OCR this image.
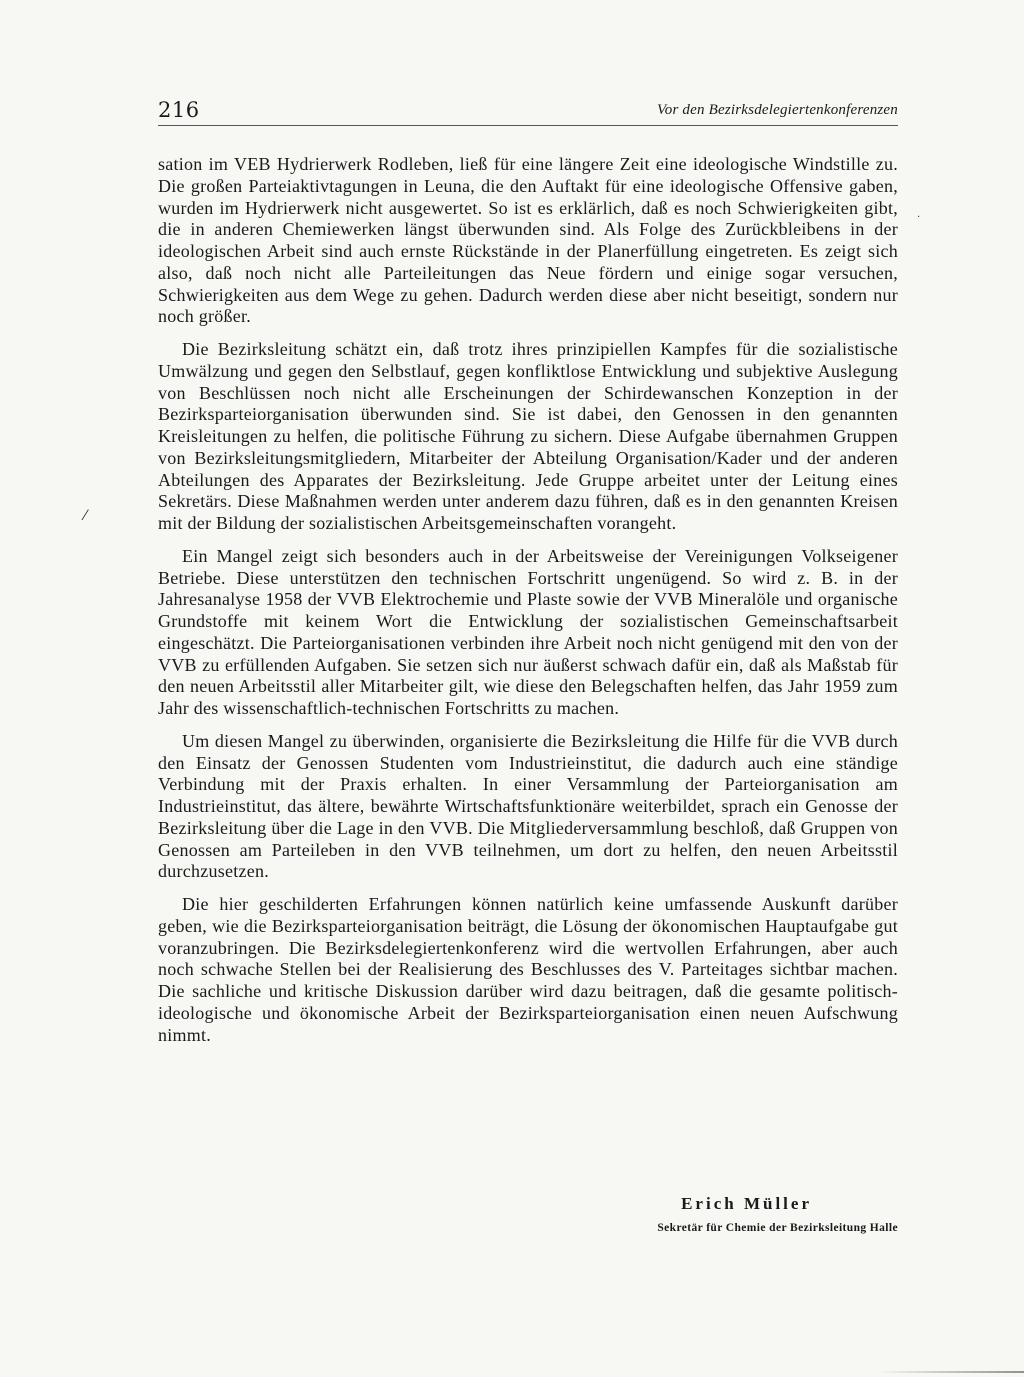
216	Vor den Bezirksdelegiertenkonferenzen

sation im VEB Hydrierwerk Rodleben, ließ für eine längere Zeit eine ideologische Windstille zu. Die großen Parteiaktivtagungen in Leuna, die den Auftakt für eine ideologische Offensive gaben, wurden im Hydrierwerk nicht ausgewertet. So ist es erklärlich, daß es noch Schwierigkeiten gibt, die in anderen Chemiewerken längst überwunden sind. Als Folge des Zurückbleibens in der ideologischen Arbeit sind auch ernste Rückstände in der Planerfüllung eingetreten. Es zeigt sich also, daß noch nicht alle Parteileitungen das Neue fördern und einige sogar versuchen, Schwierigkeiten aus dem Wege zu gehen. Dadurch werden diese aber nicht beseitigt, sondern nur noch größer.

Die Bezirksleitung schätzt ein, daß trotz ihres prinzipiellen Kampfes für die sozialistische Umwälzung und gegen den Selbstlauf, gegen konfliktlose Entwicklung und subjektive Auslegung von Beschlüssen noch nicht alle Erscheinungen der Schirdewanschen Konzeption in der Bezirksparteiorganisation überwunden sind. Sie ist dabei, den Genossen in den genannten Kreisleitungen zu helfen, die politische Führung zu sichern. Diese Aufgabe übernahmen Gruppen von Bezirksleitungsmitgliedern, Mitarbeiter der Abteilung Organisation/Kader und der anderen Abteilungen des Apparates der Bezirksleitung. Jede Gruppe arbeitet unter der Leitung eines Sekretärs. Diese Maßnahmen werden unter anderem dazu führen, daß es in den genannten Kreisen mit der Bildung der sozialistischen Arbeitsgemeinschaften vorangeht.

Ein Mangel zeigt sich besonders auch in der Arbeitsweise der Vereinigungen Volkseigener Betriebe. Diese unterstützen den technischen Fortschritt ungenügend. So wird z. B. in der Jahresanalyse 1958 der VVB Elektrochemie und Plaste sowie der VVB Mineralöle und organische Grundstoffe mit keinem Wort die Entwicklung der sozialistischen Gemeinschaftsarbeit eingeschätzt. Die Parteiorganisationen verbinden ihre Arbeit noch nicht genügend mit den von der VVB zu erfüllenden Aufgaben. Sie setzen sich nur äußerst schwach dafür ein, daß als Maßstab für den neuen Arbeitsstil aller Mitarbeiter gilt, wie diese den Belegschaften helfen, das Jahr 1959 zum Jahr des wissenschaftlich-technischen Fortschritts zu machen.

Um diesen Mangel zu überwinden, organisierte die Bezirksleitung die Hilfe für die VVB durch den Einsatz der Genossen Studenten vom Industrieinstitut, die dadurch auch eine ständige Verbindung mit der Praxis erhalten. In einer Versammlung der Parteiorganisation am Industrieinstitut, das ältere, bewährte Wirtschaftsfunktionäre weiterbildet, sprach ein Genosse der Bezirksleitung über die Lage in den VVB. Die Mitgliederversammlung beschloß, daß Gruppen von Genossen am Parteileben in den VVB teilnehmen, um dort zu helfen, den neuen Arbeitsstil durchzusetzen.

Die hier geschilderten Erfahrungen können natürlich keine umfassende Auskunft darüber geben, wie die Bezirksparteiorganisation beiträgt, die Lösung der ökonomischen Hauptaufgabe gut voranzubringen. Die Bezirksdelegiertenkonferenz wird die wertvollen Erfahrungen, aber auch noch schwache Stellen bei der Realisierung des Beschlusses des V. Parteitages sichtbar machen. Die sachliche und kritische Diskussion darüber wird dazu beitragen, daß die gesamte politisch-ideologische und ökonomische Arbeit der Bezirksparteiorganisation einen neuen Aufschwung nimmt.

Erich Müller
Sekretär für Chemie der Bezirksleitung Halle
⁄
·
